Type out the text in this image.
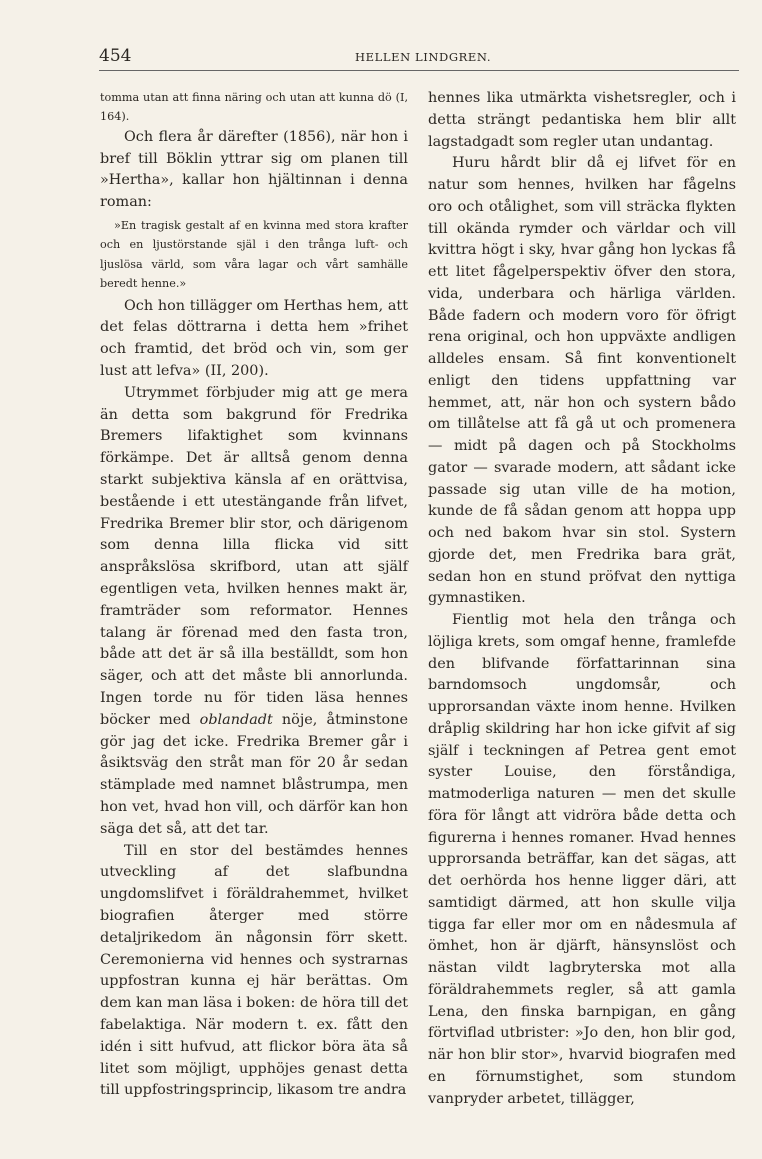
454	HELLEN LINDGREN.

tomma utan att finna näring och utan att kunna dö (I, 164).

Och flera år därefter (1856), när hon i bref till Böklin yttrar sig om planen till »Hertha», kallar hon hjältinnan i denna roman:

»En tragisk gestalt af en kvinna med stora krafter och en ljustörstande själ i den trånga luft- och ljuslösa värld, som våra lagar och vårt samhälle beredt henne.»

Och hon tillägger om Herthas hem, att det felas döttrarna i detta hem »frihet och framtid, det bröd och vin, som ger lust att lefva» (II, 200).

Utrymmet förbjuder mig att ge mera än detta som bakgrund för Fredrika Bremers lifaktighet som kvinnans förkämpe. Det är alltså genom denna starkt subjektiva känsla af en orättvisa, bestående i ett utestängande från lifvet, Fredrika Bremer blir stor, och därigenom som denna lilla flicka vid sitt anspråkslösa skrifbord, utan att själf egentligen veta, hvilken hennes makt är, framträder som reformator. Hennes talang är förenad med den fasta tron, både att det är så illa beställdt, som hon säger, och att det måste bli annorlunda. Ingen torde nu för tiden läsa hennes böcker med oblandadt nöje, åtminstone gör jag det icke. Fredrika Bremer går i åsiktsväg den stråt man för 20 år sedan stämplade med namnet blåstrumpa, men hon vet, hvad hon vill, och därför kan hon säga det så, att det tar.

Till en stor del bestämdes hennes utveckling af det slafbundna ungdomslifvet i föräldrahemmet, hvilket biografien återger med större detaljrikedom än någonsin förr skett. Ceremonierna vid hennes och systrarnas uppfostran kunna ej här berättas. Om dem kan man läsa i boken: de höra till det fabelaktiga. När modern t. ex. fått den idén i sitt hufvud, att flickor böra äta så litet som möjligt, upphöjes genast detta till uppfostringsprincip, likasom tre andra

hennes lika utmärkta vishetsregler, och i detta strängt pedantiska hem blir allt lagstadgadt som regler utan undantag.

Huru hårdt blir då ej lifvet för en natur som hennes, hvilken har fågelns oro och otålighet, som vill sträcka flykten till okända rymder och världar och vill kvittra högt i sky, hvar gång hon lyckas få ett litet fågelperspektiv öfver den stora, vida, underbara och härliga världen. Både fadern och modern voro för öfrigt rena original, och hon uppväxte andligen alldeles ensam. Så fint konventionelt enligt den tidens uppfattning var hemmet, att, när hon och systern bådo om tillåtelse att få gå ut och promenera — midt på dagen och på Stockholms gator — svarade modern, att sådant icke passade sig utan ville de ha motion, kunde de få sådan genom att hoppa upp och ned bakom hvar sin stol. Systern gjorde det, men Fredrika bara grät, sedan hon en stund pröfvat den nyttiga gymnastiken.

Fientlig mot hela den trånga och löjliga krets, som omgaf henne, framlefde den blifvande författarinnan sina barndomsoch ungdomsår, och upprorsandan växte inom henne. Hvilken dråplig skildring har hon icke gifvit af sig själf i teckningen af Petrea gent emot syster Louise, den förståndiga, matmoderliga naturen — men det skulle föra för långt att vidröra både detta och figurerna i hennes romaner. Hvad hennes upprorsanda beträffar, kan det sägas, att det oerhörda hos henne ligger däri, att samtidigt därmed, att hon skulle vilja tigga far eller mor om en nådesmula af ömhet, hon är djärft, hänsynslöst och nästan vildt lagbryterska mot alla föräldrahemmets regler, så att gamla Lena, den finska barnpigan, en gång förtviflad utbrister: »Jo den, hon blir god, när hon blir stor», hvarvid biografen med en förnumstighet, som stundom vanpryder arbetet, tillägger,
